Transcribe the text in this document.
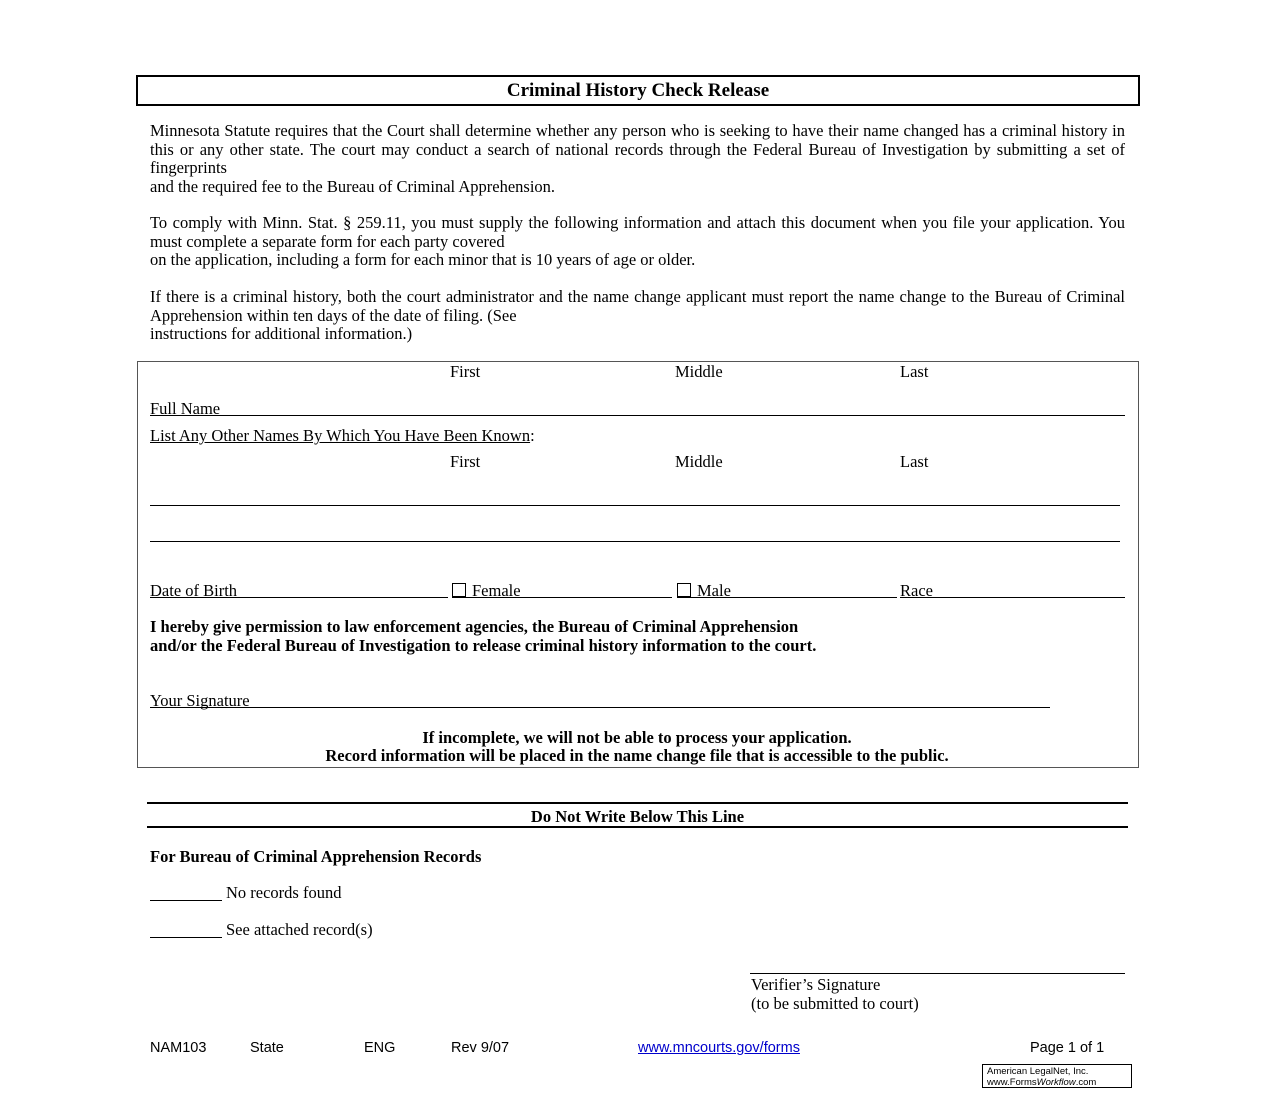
Criminal History Check Release
Minnesota Statute requires that the Court shall determine whether any person who is seeking to have their name changed has a criminal history in this or any other state. The court may conduct a search of national records through the Federal Bureau of Investigation by submitting a set of fingerprints
and the required fee to the Bureau of Criminal Apprehension.
To comply with Minn. Stat. § 259.11, you must supply the following information and attach this document when you file your application. You must complete a separate form for each party covered
on the application, including a form for each minor that is 10 years of age or older.
If there is a criminal history, both the court administrator and the name change applicant must report the name change to the Bureau of Criminal Apprehension within ten days of the date of filing. (See
instructions for additional information.)
First	Middle	Last
Full Name
List Any Other Names By Which You Have Been Known:
First	Middle	Last
Date of Birth	Female	Male	Race
I hereby give permission to law enforcement agencies, the Bureau of Criminal Apprehension
and/or the Federal Bureau of Investigation to release criminal history information to the court.
Your Signature
If incomplete, we will not be able to process your application.
Record information will be placed in the name change file that is accessible to the public.
Do Not Write Below This Line
For Bureau of Criminal Apprehension Records
No records found
See attached record(s)
Verifier’s Signature
(to be submitted to court)
NAM103	State	ENG	Rev 9/07	www.mncourts.gov/forms	Page 1 of 1
American LegalNet, Inc.
www.FormsWorkflow.com
